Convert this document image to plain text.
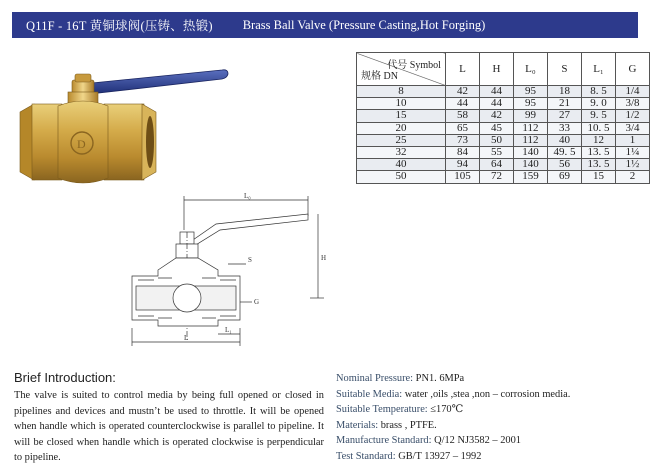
Q11F - 16T 黄铜球阀(压铸、热锻) Brass Ball Valve (Pressure Casting,Hot Forging)
D
代号 Symbol
规格 DN	L	H	L₀	S	L₁	G
8	42	44	95	18	8. 5	1/4
10	44	44	95	21	9. 0	3/8
15	58	42	99	27	9. 5	1/2
20	65	45	112	33	10. 5	3/4
25	73	50	112	40	12	1
32	84	55	140	49. 5	13. 5	1¼
40	94	64	140	56	13. 5	1½
50	105	72	159	69	15	2
L₀
H
S
G
L₁
L
Brief Introduction:
The valve is suited to control media by being full opened or closed in pipelines and devices and mustn’t be used to throttle. It will be opened when handle which is operated counterclockwise is parallel to pipeline. It will be closed when handle which is operated clockwise is perpendicular to pipeline.
Nominal Pressure: PN1. 6MPa
Suitable Media: water ,oils ,stea ,non – corrosion media.
Suitable Temperature: ≤170℃
Materials: brass , PTFE.
Manufacture Standard: Q/12 NJ3582 – 2001
Test Standard: GB/T 13927 – 1992
